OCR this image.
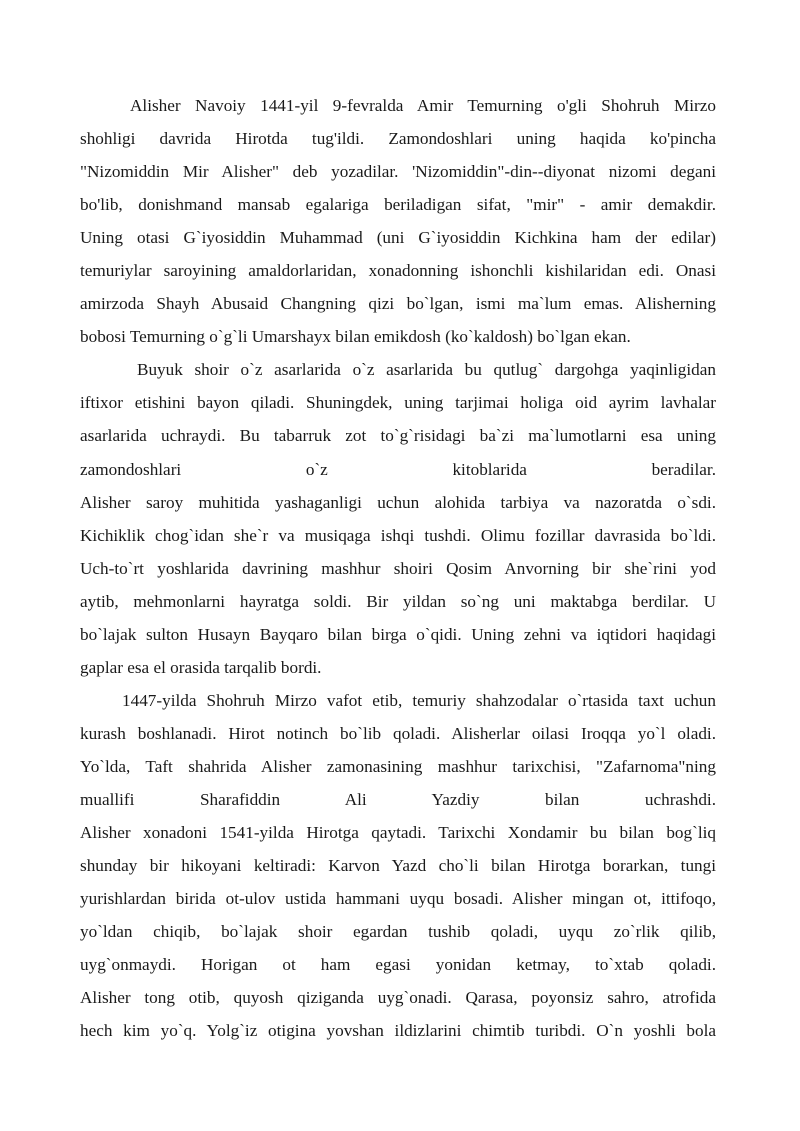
Alisher Navoiy 1441-yil 9-fevralda Amir Temurning o'gli Shohruh Mirzo
shohligi davrida Hirotda tug'ildi. Zamondoshlari uning haqida ko'pincha
"Nizomiddin Mir Alisher" deb yozadilar. 'Nizomiddin"-din--diyonat nizomi degani
bo'lib, donishmand mansab egalariga beriladigan sifat, "mir" - amir demakdir.
Uning otasi G`iyosiddin Muhammad (uni G`iyosiddin Kichkina ham der edilar)
temuriylar saroyining amaldorlaridan, xonadonning ishonchli kishilaridan edi. Onasi
amirzoda Shayh Abusaid Changning qizi bo`lgan, ismi ma`lum emas. Alisherning
bobosi Temurning o`g`li Umarshayx bilan emikdosh (ko`kaldosh) bo`lgan ekan.
Buyuk shoir o`z asarlarida o`z asarlarida bu qutlug` dargohga yaqinligidan
iftixor etishini bayon qiladi. Shuningdek, uning tarjimai holiga oid ayrim lavhalar
asarlarida uchraydi. Bu tabarruk zot to`g`risidagi ba`zi ma`lumotlarni esa uning
zamondoshlari o`z kitoblarida beradilar.
Alisher saroy muhitida yashaganligi uchun alohida tarbiya va nazoratda o`sdi.
Kichiklik chog`idan she`r va musiqaga ishqi tushdi. Olimu fozillar davrasida bo`ldi.
Uch-to`rt yoshlarida davrining mashhur shoiri Qosim Anvorning bir she`rini yod
aytib, mehmonlarni hayratga soldi. Bir yildan so`ng uni maktabga berdilar. U
bo`lajak sulton Husayn Bayqaro bilan birga o`qidi. Uning zehni va iqtidori haqidagi
gaplar esa el orasida tarqalib bordi.
1447-yilda Shohruh Mirzo vafot etib, temuriy shahzodalar o`rtasida taxt uchun
kurash boshlanadi. Hirot notinch bo`lib qoladi. Alisherlar oilasi Iroqqa yo`l oladi.
Yo`lda, Taft shahrida Alisher zamonasining mashhur tarixchisi, "Zafarnoma"ning
muallifi Sharafiddin Ali Yazdiy bilan uchrashdi.
Alisher xonadoni 1541-yilda Hirotga qaytadi. Tarixchi Xondamir bu bilan bog`liq
shunday bir hikoyani keltiradi: Karvon Yazd cho`li bilan Hirotga borarkan, tungi
yurishlardan birida ot-ulov ustida hammani uyqu bosadi. Alisher mingan ot, ittifoqo,
yo`ldan chiqib, bo`lajak shoir egardan tushib qoladi, uyqu zo`rlik qilib,
uyg`onmaydi. Horigan ot ham egasi yonidan ketmay, to`xtab qoladi.
Alisher tong otib, quyosh qiziganda uyg`onadi. Qarasa, poyonsiz sahro, atrofida
hech kim yo`q. Yolg`iz otigina yovshan ildizlarini chimtib turibdi. O`n yoshli bola
